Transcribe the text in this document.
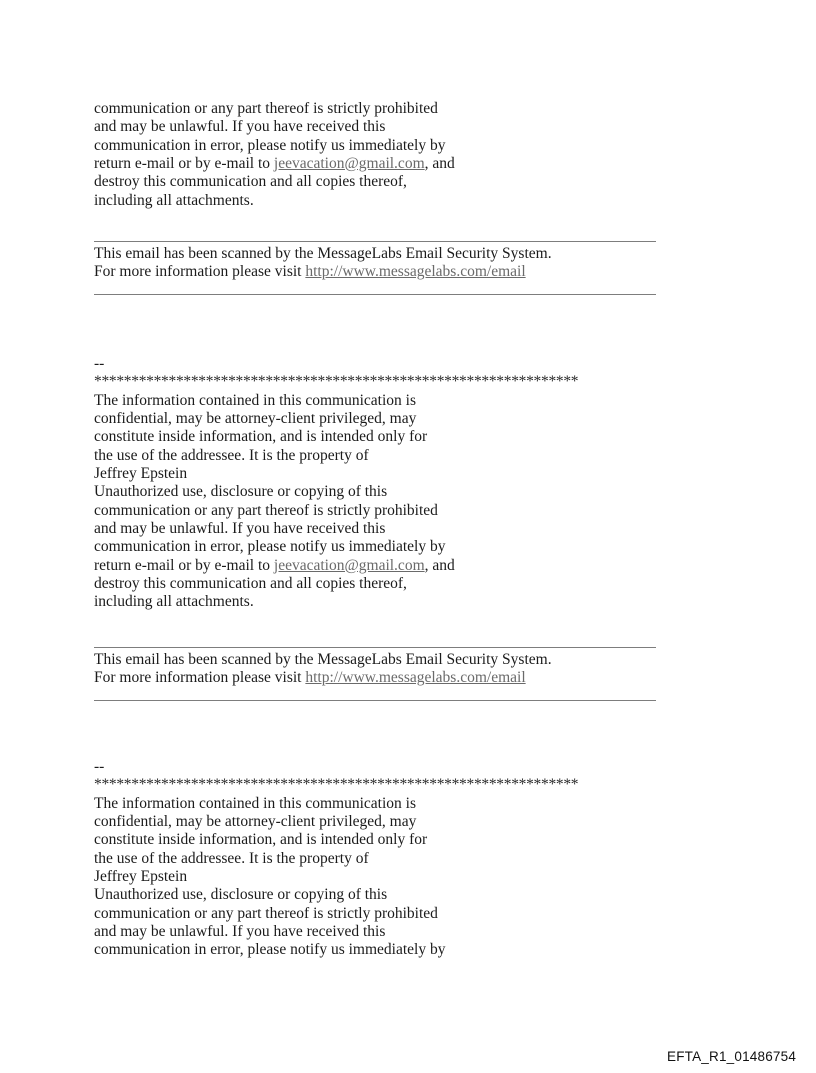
communication or any part thereof is strictly prohibited
and may be unlawful. If you have received this
communication in error, please notify us immediately by
return e-mail or by e-mail to jeevacation@gmail.com, and
destroy this communication and all copies thereof,
including all attachments.
This email has been scanned by the MessageLabs Email Security System.
For more information please visit http://www.messagelabs.com/email
--
*****************************************************************
The information contained in this communication is
confidential, may be attorney-client privileged, may
constitute inside information, and is intended only for
the use of the addressee. It is the property of
Jeffrey Epstein
Unauthorized use, disclosure or copying of this
communication or any part thereof is strictly prohibited
and may be unlawful. If you have received this
communication in error, please notify us immediately by
return e-mail or by e-mail to jeevacation@gmail.com, and
destroy this communication and all copies thereof,
including all attachments.
This email has been scanned by the MessageLabs Email Security System.
For more information please visit http://www.messagelabs.com/email
--
*****************************************************************
The information contained in this communication is
confidential, may be attorney-client privileged, may
constitute inside information, and is intended only for
the use of the addressee. It is the property of
Jeffrey Epstein
Unauthorized use, disclosure or copying of this
communication or any part thereof is strictly prohibited
and may be unlawful. If you have received this
communication in error, please notify us immediately by
EFTA_R1_01486754
